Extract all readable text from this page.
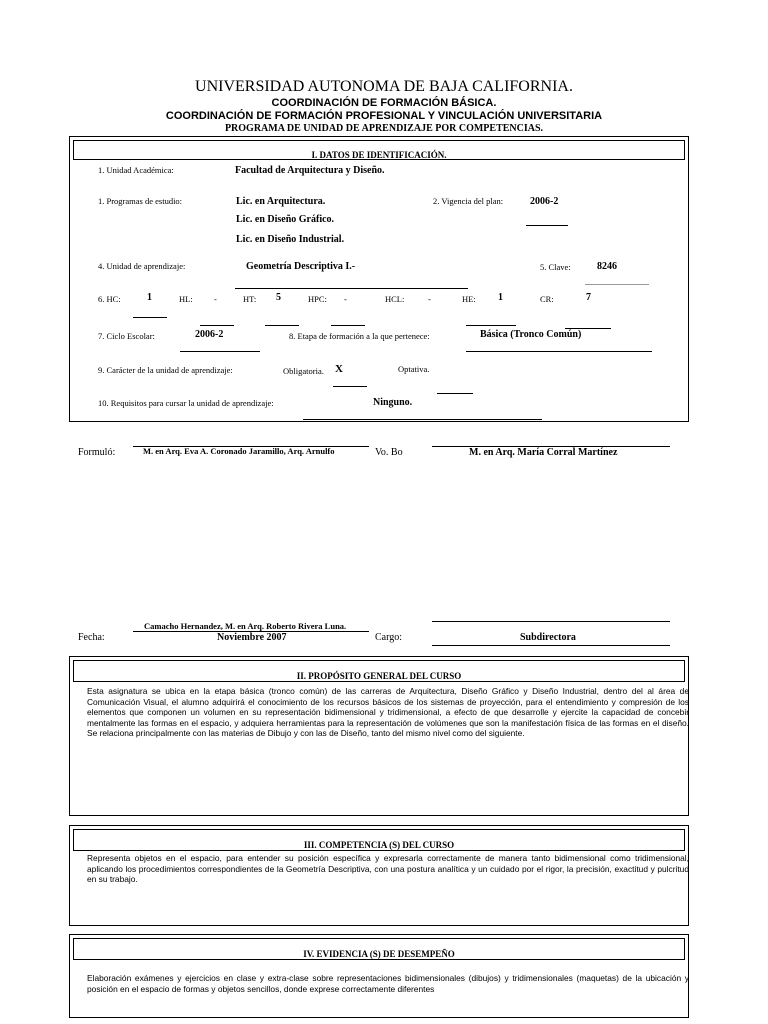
UNIVERSIDAD AUTONOMA DE BAJA CALIFORNIA.
COORDINACIÓN DE FORMACIÓN BÁSICA.
COORDINACIÓN DE FORMACIÓN PROFESIONAL Y VINCULACIÓN UNIVERSITARIA
PROGRAMA DE UNIDAD DE APRENDIZAJE POR COMPETENCIAS.
I. DATOS DE IDENTIFICACIÓN.
1. Unidad Académica:	Facultad de Arquitectura y Diseño.
1. Programas de estudio:	Lic. en Arquitectura.
Lic. en Diseño Gráfico.
Lic. en Diseño Industrial.
2. Vigencia del plan:	2006-2
4. Unidad de aprendizaje:	Geometría Descriptiva I.-	5. Clave:	8246
6. HC:	1	HL:	-	HT: 5	HPC: -	HCL:	-	HE: 1	CR:	7
7. Ciclo Escolar:	2006-2	8. Etapa de formación a la que pertenece:	Básica (Tronco Común)
9. Carácter de la unidad de aprendizaje:	Obligatoria. X	Optativa.
10. Requisitos para cursar la unidad de aprendizaje:	Ninguno.
Formuló:	M. en Arq. Eva A. Coronado Jaramillo, Arq. Arnulfo	Vo. Bo	M. en Arq. María Corral Martínez
Camacho Hernandez, M. en Arq. Roberto Rivera Luna.
Fecha:	Noviembre 2007	Cargo:	Subdirectora
II. PROPÓSITO GENERAL DEL CURSO
Esta asignatura se ubica en la etapa básica (tronco común) de las carreras de Arquitectura, Diseño Gráfico y Diseño Industrial, dentro del al área de Comunicación Visual, el alumno adquirirá el conocimiento de los recursos básicos de los sistemas de proyección, para el entendimiento y compresión de los elementos que componen un volumen en su representación bidimensional y tridimensional, a efecto de que desarrolle y ejercite la capacidad de concebir mentalmente las formas en el espacio, y adquiera herramientas para la representación de volúmenes que son la manifestación física de las formas en el diseño. Se relaciona principalmente con las materias de Dibujo y con las de Diseño, tanto del mismo nivel como del siguiente.
III. COMPETENCIA (S) DEL CURSO
Representa objetos en el espacio, para entender su posición específica y expresarla correctamente de manera tanto bidimensional como tridimensional, aplicando los procedimientos correspondientes de la Geometría Descriptiva, con una postura analítica y un cuidado por el rigor, la precisión, exactitud y pulcritud en su trabajo.
IV. EVIDENCIA (S) DE DESEMPEÑO
Elaboración exámenes y ejercicios en clase y extra-clase sobre representaciones bidimensionales (dibujos) y tridimensionales (maquetas) de la ubicación y posición en el espacio de formas y objetos sencillos, donde exprese correctamente diferentes
